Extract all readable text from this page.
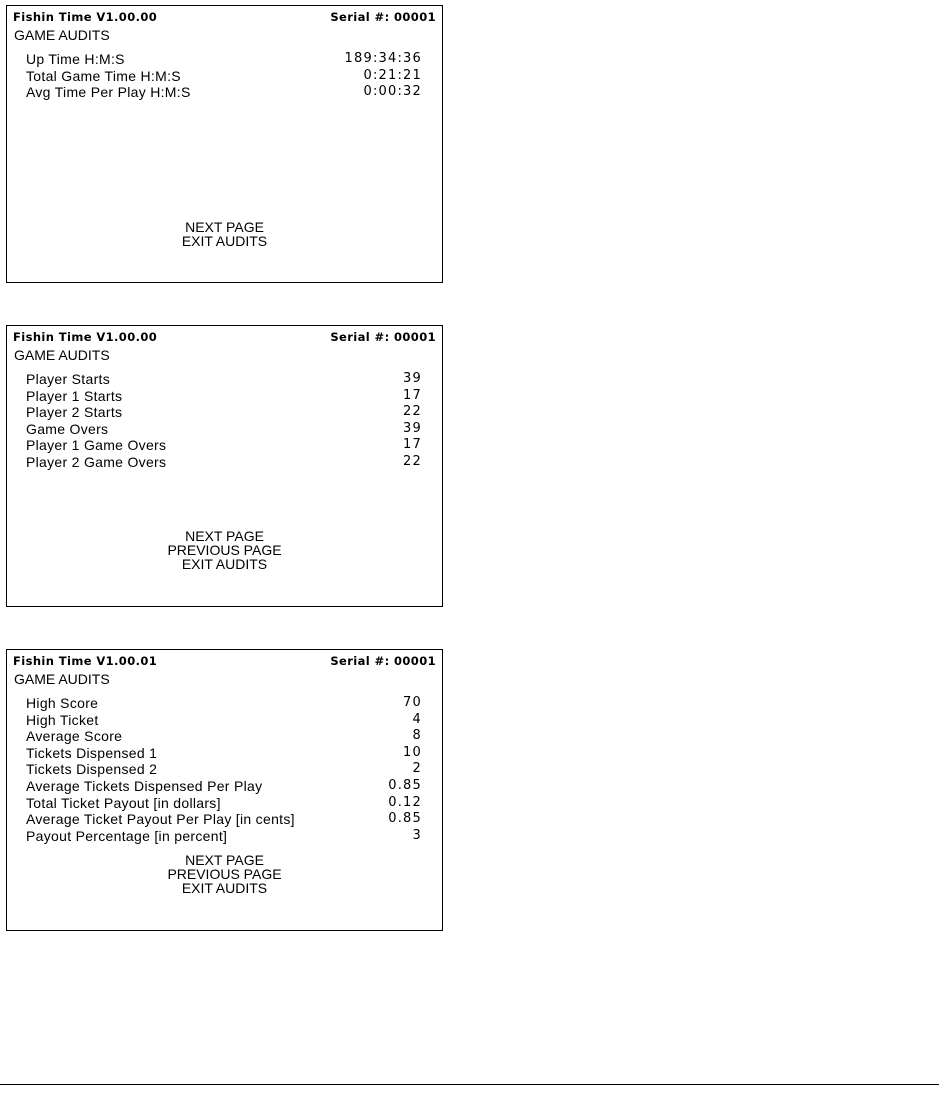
Fishin Time V1.00.00	Serial #: 00001
GAME AUDITS
Up Time H:M:S	189:34:36
Total Game Time H:M:S	0:21:21
Avg Time Per Play H:M:S	0:00:32
NEXT PAGE
EXIT AUDITS
Fishin Time V1.00.00	Serial #: 00001
GAME AUDITS
Player Starts	39
Player 1 Starts	17
Player 2 Starts	22
Game Overs	39
Player 1 Game Overs	17
Player 2 Game Overs	22
NEXT PAGE
PREVIOUS PAGE
EXIT AUDITS
Fishin Time V1.00.01	Serial #: 00001
GAME AUDITS
High Score	70
High Ticket	4
Average Score	8
Tickets Dispensed 1	10
Tickets Dispensed 2	2
Average Tickets Dispensed Per Play	0.85
Total Ticket Payout [in dollars]	0.12
Average Ticket Payout Per Play [in cents]	0.85
Payout Percentage [in percent]	3
NEXT PAGE
PREVIOUS PAGE
EXIT AUDITS
